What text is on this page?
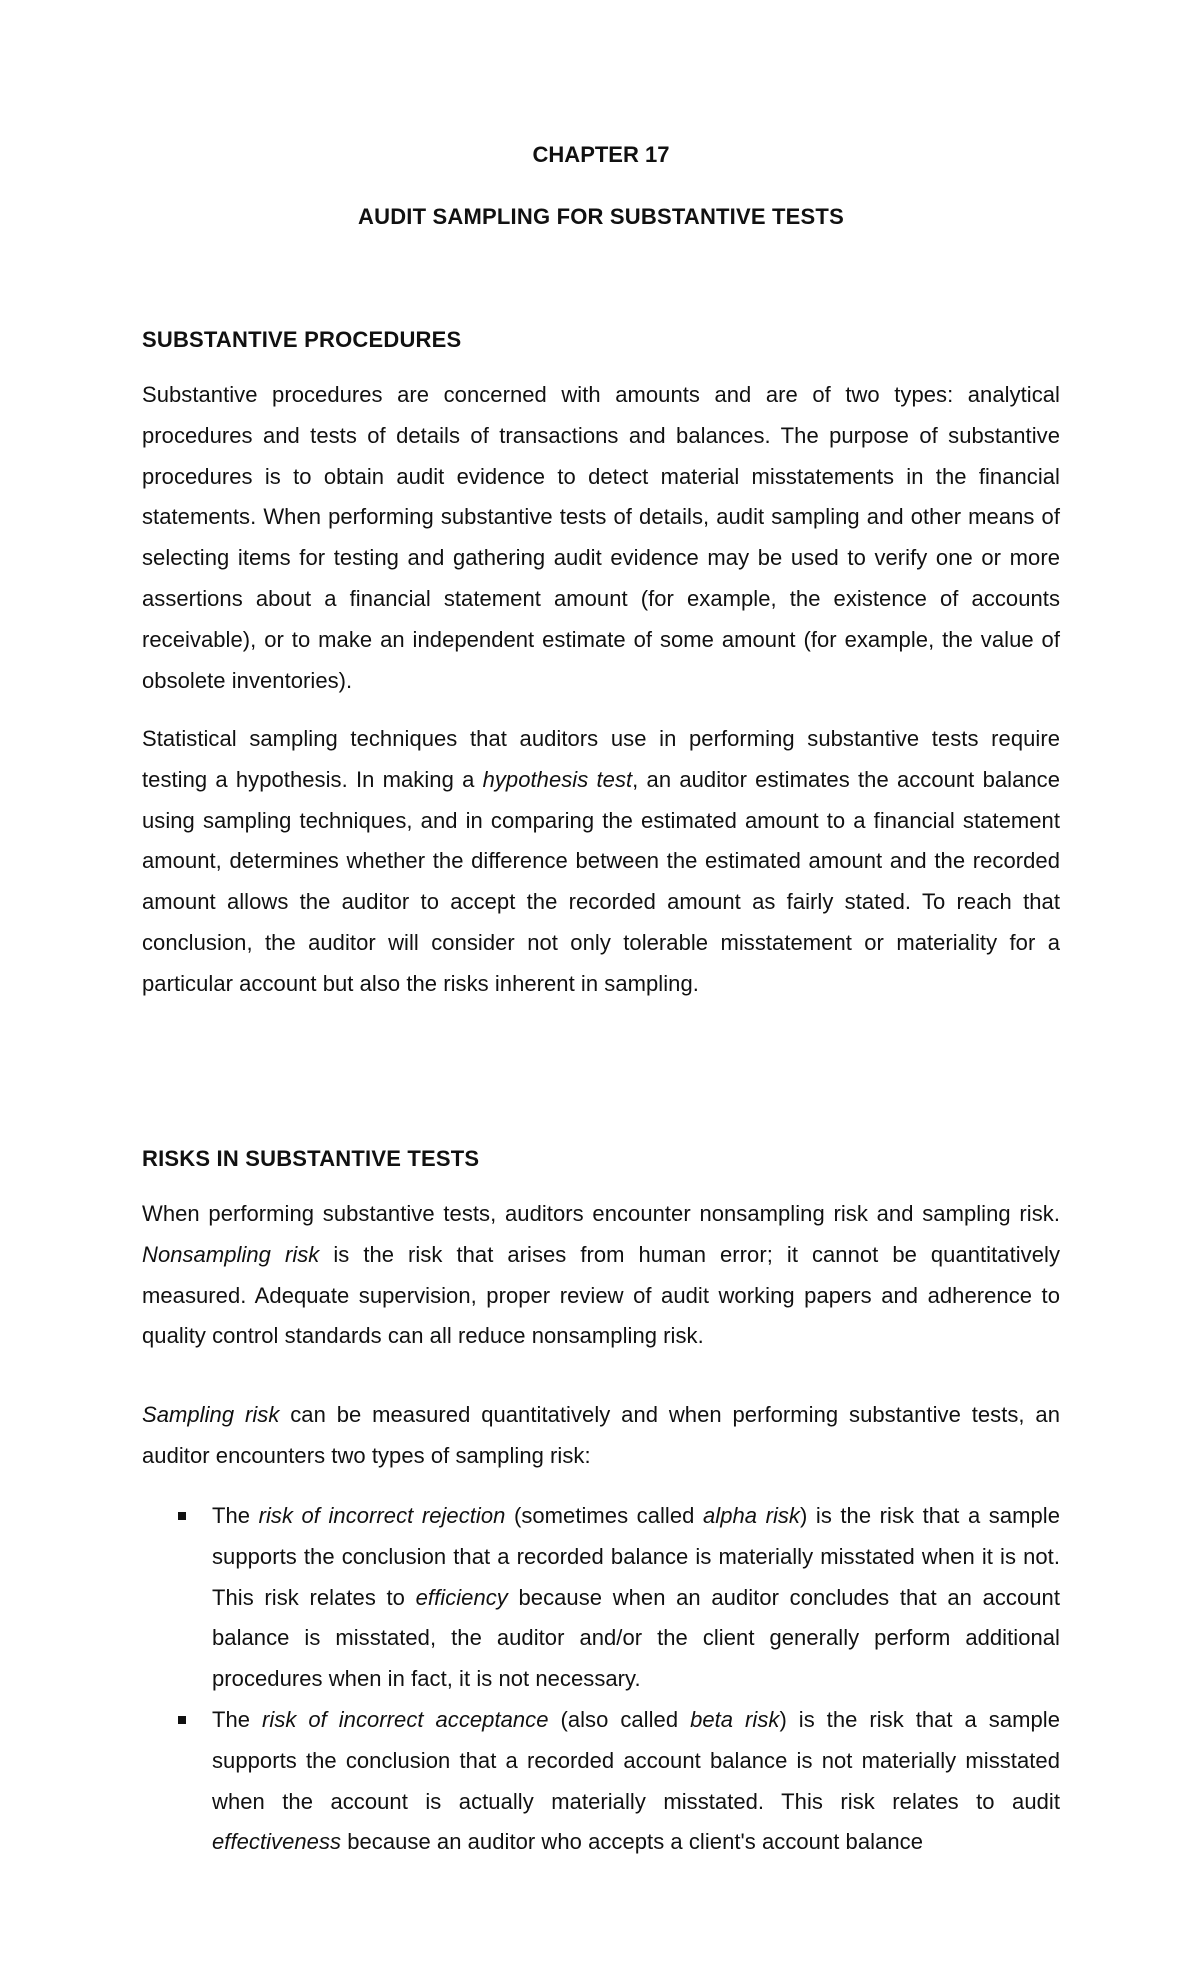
CHAPTER 17
AUDIT SAMPLING FOR SUBSTANTIVE TESTS
SUBSTANTIVE PROCEDURES

Substantive procedures are concerned with amounts and are of two types: analytical procedures and tests of details of transactions and balances. The purpose of substantive procedures is to obtain audit evidence to detect material misstatements in the financial statements. When performing substantive tests of details, audit sampling and other means of selecting items for testing and gathering audit evidence may be used to verify one or more assertions about a financial statement amount (for example, the existence of accounts receivable), or to make an independent estimate of some amount (for example, the value of obsolete inventories).

Statistical sampling techniques that auditors use in performing substantive tests require testing a hypothesis. In making a hypothesis test, an auditor estimates the account balance using sampling techniques, and in comparing the estimated amount to a financial statement amount, determines whether the difference between the estimated amount and the recorded amount allows the auditor to accept the recorded amount as fairly stated. To reach that conclusion, the auditor will consider not only tolerable misstatement or materiality for a particular account but also the risks inherent in sampling.

RISKS IN SUBSTANTIVE TESTS

When performing substantive tests, auditors encounter nonsampling risk and sampling risk. Nonsampling risk is the risk that arises from human error; it cannot be quantitatively measured. Adequate supervision, proper review of audit working papers and adherence to quality control standards can all reduce nonsampling risk.

Sampling risk can be measured quantitatively and when performing substantive tests, an auditor encounters two types of sampling risk:

The risk of incorrect rejection (sometimes called alpha risk) is the risk that a sample supports the conclusion that a recorded balance is materially misstated when it is not. This risk relates to efficiency because when an auditor concludes that an account balance is misstated, the auditor and/or the client generally perform additional procedures when in fact, it is not necessary.
The risk of incorrect acceptance (also called beta risk) is the risk that a sample supports the conclusion that a recorded account balance is not materially misstated when the account is actually materially misstated. This risk relates to audit effectiveness because an auditor who accepts a client's account balance
